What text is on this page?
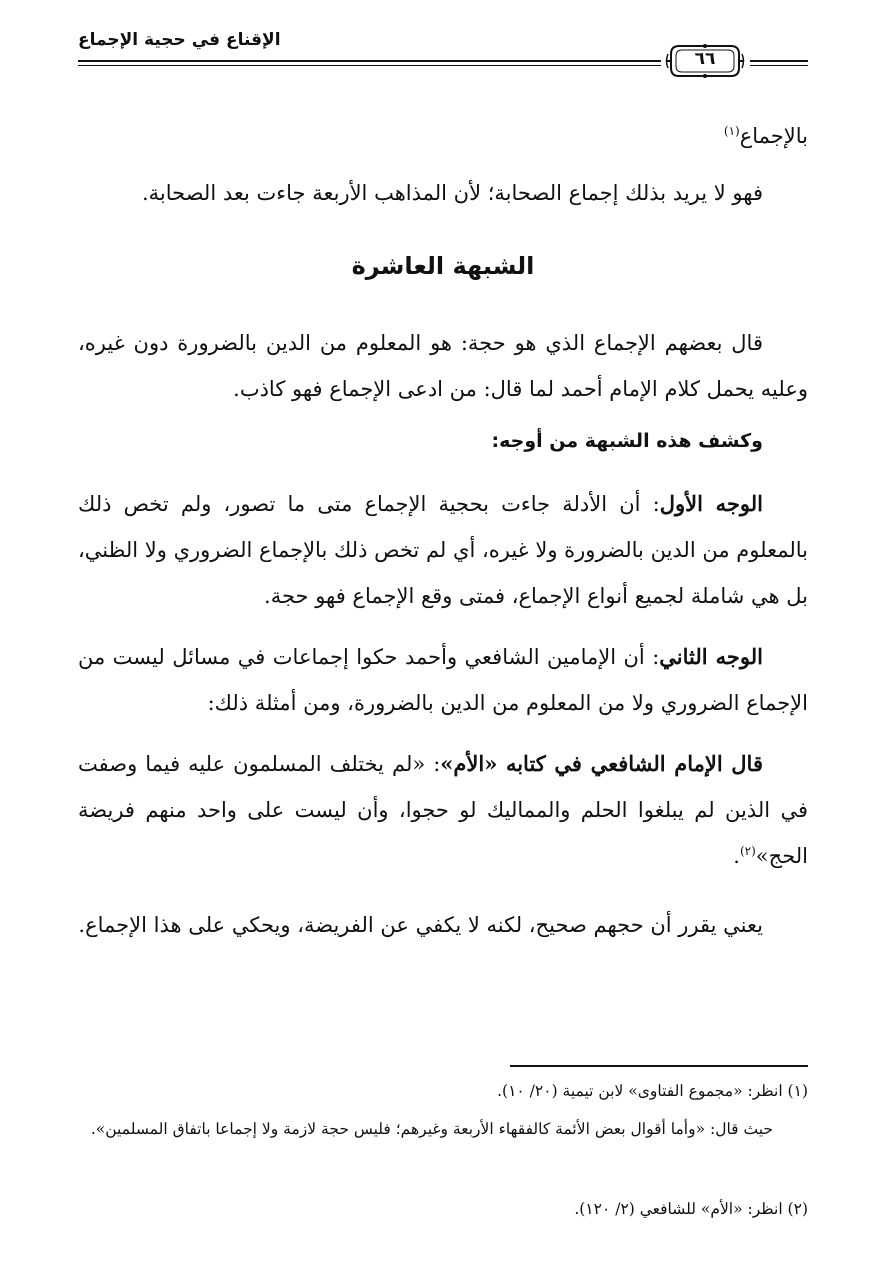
الإقناع في حجية الإجماع
٦٦
بالإجماع$^{(١)}$
فهو لا يريد بذلك إجماع الصحابة؛ لأن المذاهب الأربعة جاءت بعد الصحابة.
الشبهة العاشرة
قال بعضهم الإجماع الذي هو حجة: هو المعلوم من الدين بالضرورة دون غيره، وعليه يحمل كلام الإمام أحمد لما قال: من ادعى الإجماع فهو كاذب.
وكشف هذه الشبهة من أوجه:
الوجه الأول: أن الأدلة جاءت بحجية الإجماع متى ما تصور، ولم تخص ذلك بالمعلوم من الدين بالضرورة ولا غيره، أي لم تخص ذلك بالإجماع الضروري ولا الظني، بل هي شاملة لجميع أنواع الإجماع، فمتى وقع الإجماع فهو حجة.
الوجه الثاني: أن الإمامين الشافعي وأحمد حكوا إجماعات في مسائل ليست من الإجماع الضروري ولا من المعلوم من الدين بالضرورة، ومن أمثلة ذلك:
قال الإمام الشافعي في كتابه «الأم»: «لم يختلف المسلمون عليه فيما وصفت في الذين لم يبلغوا الحلم والمماليك لو حجوا، وأن ليست على واحد منهم فريضة الحج»$^{(٢)}$.
يعني يقرر أن حجهم صحيح، لكنه لا يكفي عن الفريضة، ويحكي على هذا الإجماع.
(١) انظر: «مجموع الفتاوى» لابن تيمية (٢٠/ ١٠).
حيث قال: «وأما أقوال بعض الأئمة كالفقهاء الأربعة وغيرهم؛ فليس حجة لازمة ولا إجماعا باتفاق المسلمين».
(٢) انظر: «الأم» للشافعي (٢/ ١٢٠).
